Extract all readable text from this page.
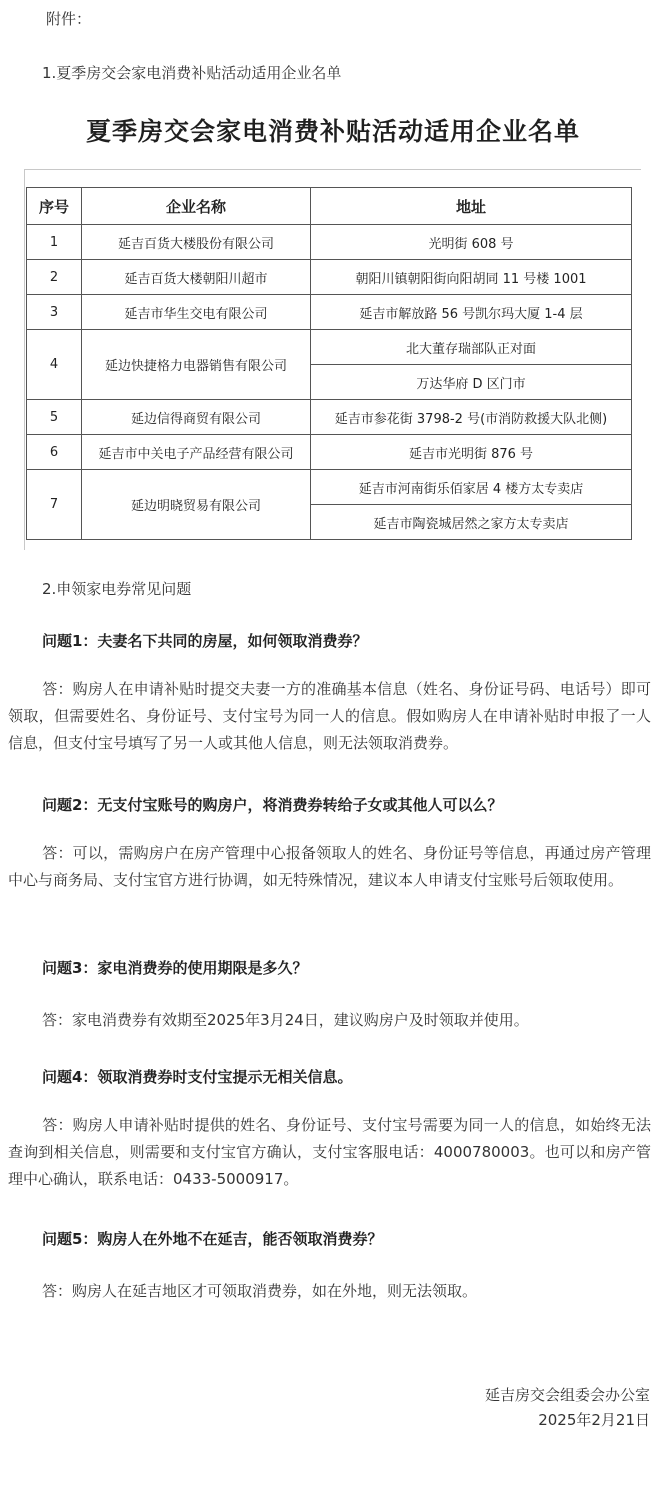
附件：
1.夏季房交会家电消费补贴活动适用企业名单
夏季房交会家电消费补贴活动适用企业名单
序号	企业名称	地址
1	延吉百货大楼股份有限公司	光明街 608 号
2	延吉百货大楼朝阳川超市	朝阳川镇朝阳街向阳胡同 11 号楼 1001
3	延吉市华生交电有限公司	延吉市解放路 56 号凯尔玛大厦 1-4 层
4	延边快捷格力电器销售有限公司	北大董存瑞部队正对面
		万达华府 D 区门市
5	延边信得商贸有限公司	延吉市参花街 3798-2 号(市消防救援大队北侧)
6	延吉市中关电子产品经营有限公司	延吉市光明街 876 号
7	延边明晓贸易有限公司	延吉市河南街乐佰家居 4 楼方太专卖店
		延吉市陶瓷城居然之家方太专卖店
2.申领家电券常见问题
问题1：夫妻名下共同的房屋，如何领取消费券？

答：购房人在申请补贴时提交夫妻一方的准确基本信息（姓名、身份证号码、电话号）即可领取，但需要姓名、身份证号、支付宝号为同一人的信息。假如购房人在申请补贴时申报了一人信息，但支付宝号填写了另一人或其他人信息，则无法领取消费券。

问题2：无支付宝账号的购房户，将消费券转给子女或其他人可以么？

答：可以，需购房户在房产管理中心报备领取人的姓名、身份证号等信息，再通过房产管理中心与商务局、支付宝官方进行协调，如无特殊情况，建议本人申请支付宝账号后领取使用。

问题3：家电消费券的使用期限是多久？

答：家电消费券有效期至2025年3月24日，建议购房户及时领取并使用。

问题4：领取消费券时支付宝提示无相关信息。

答：购房人申请补贴时提供的姓名、身份证号、支付宝号需要为同一人的信息，如始终无法查询到相关信息，则需要和支付宝官方确认，支付宝客服电话：4000780003。也可以和房产管理中心确认，联系电话：0433-5000917。

问题5：购房人在外地不在延吉，能否领取消费券？

答：购房人在延吉地区才可领取消费券，如在外地，则无法领取。

延吉房交会组委会办公室
2025年2月21日
